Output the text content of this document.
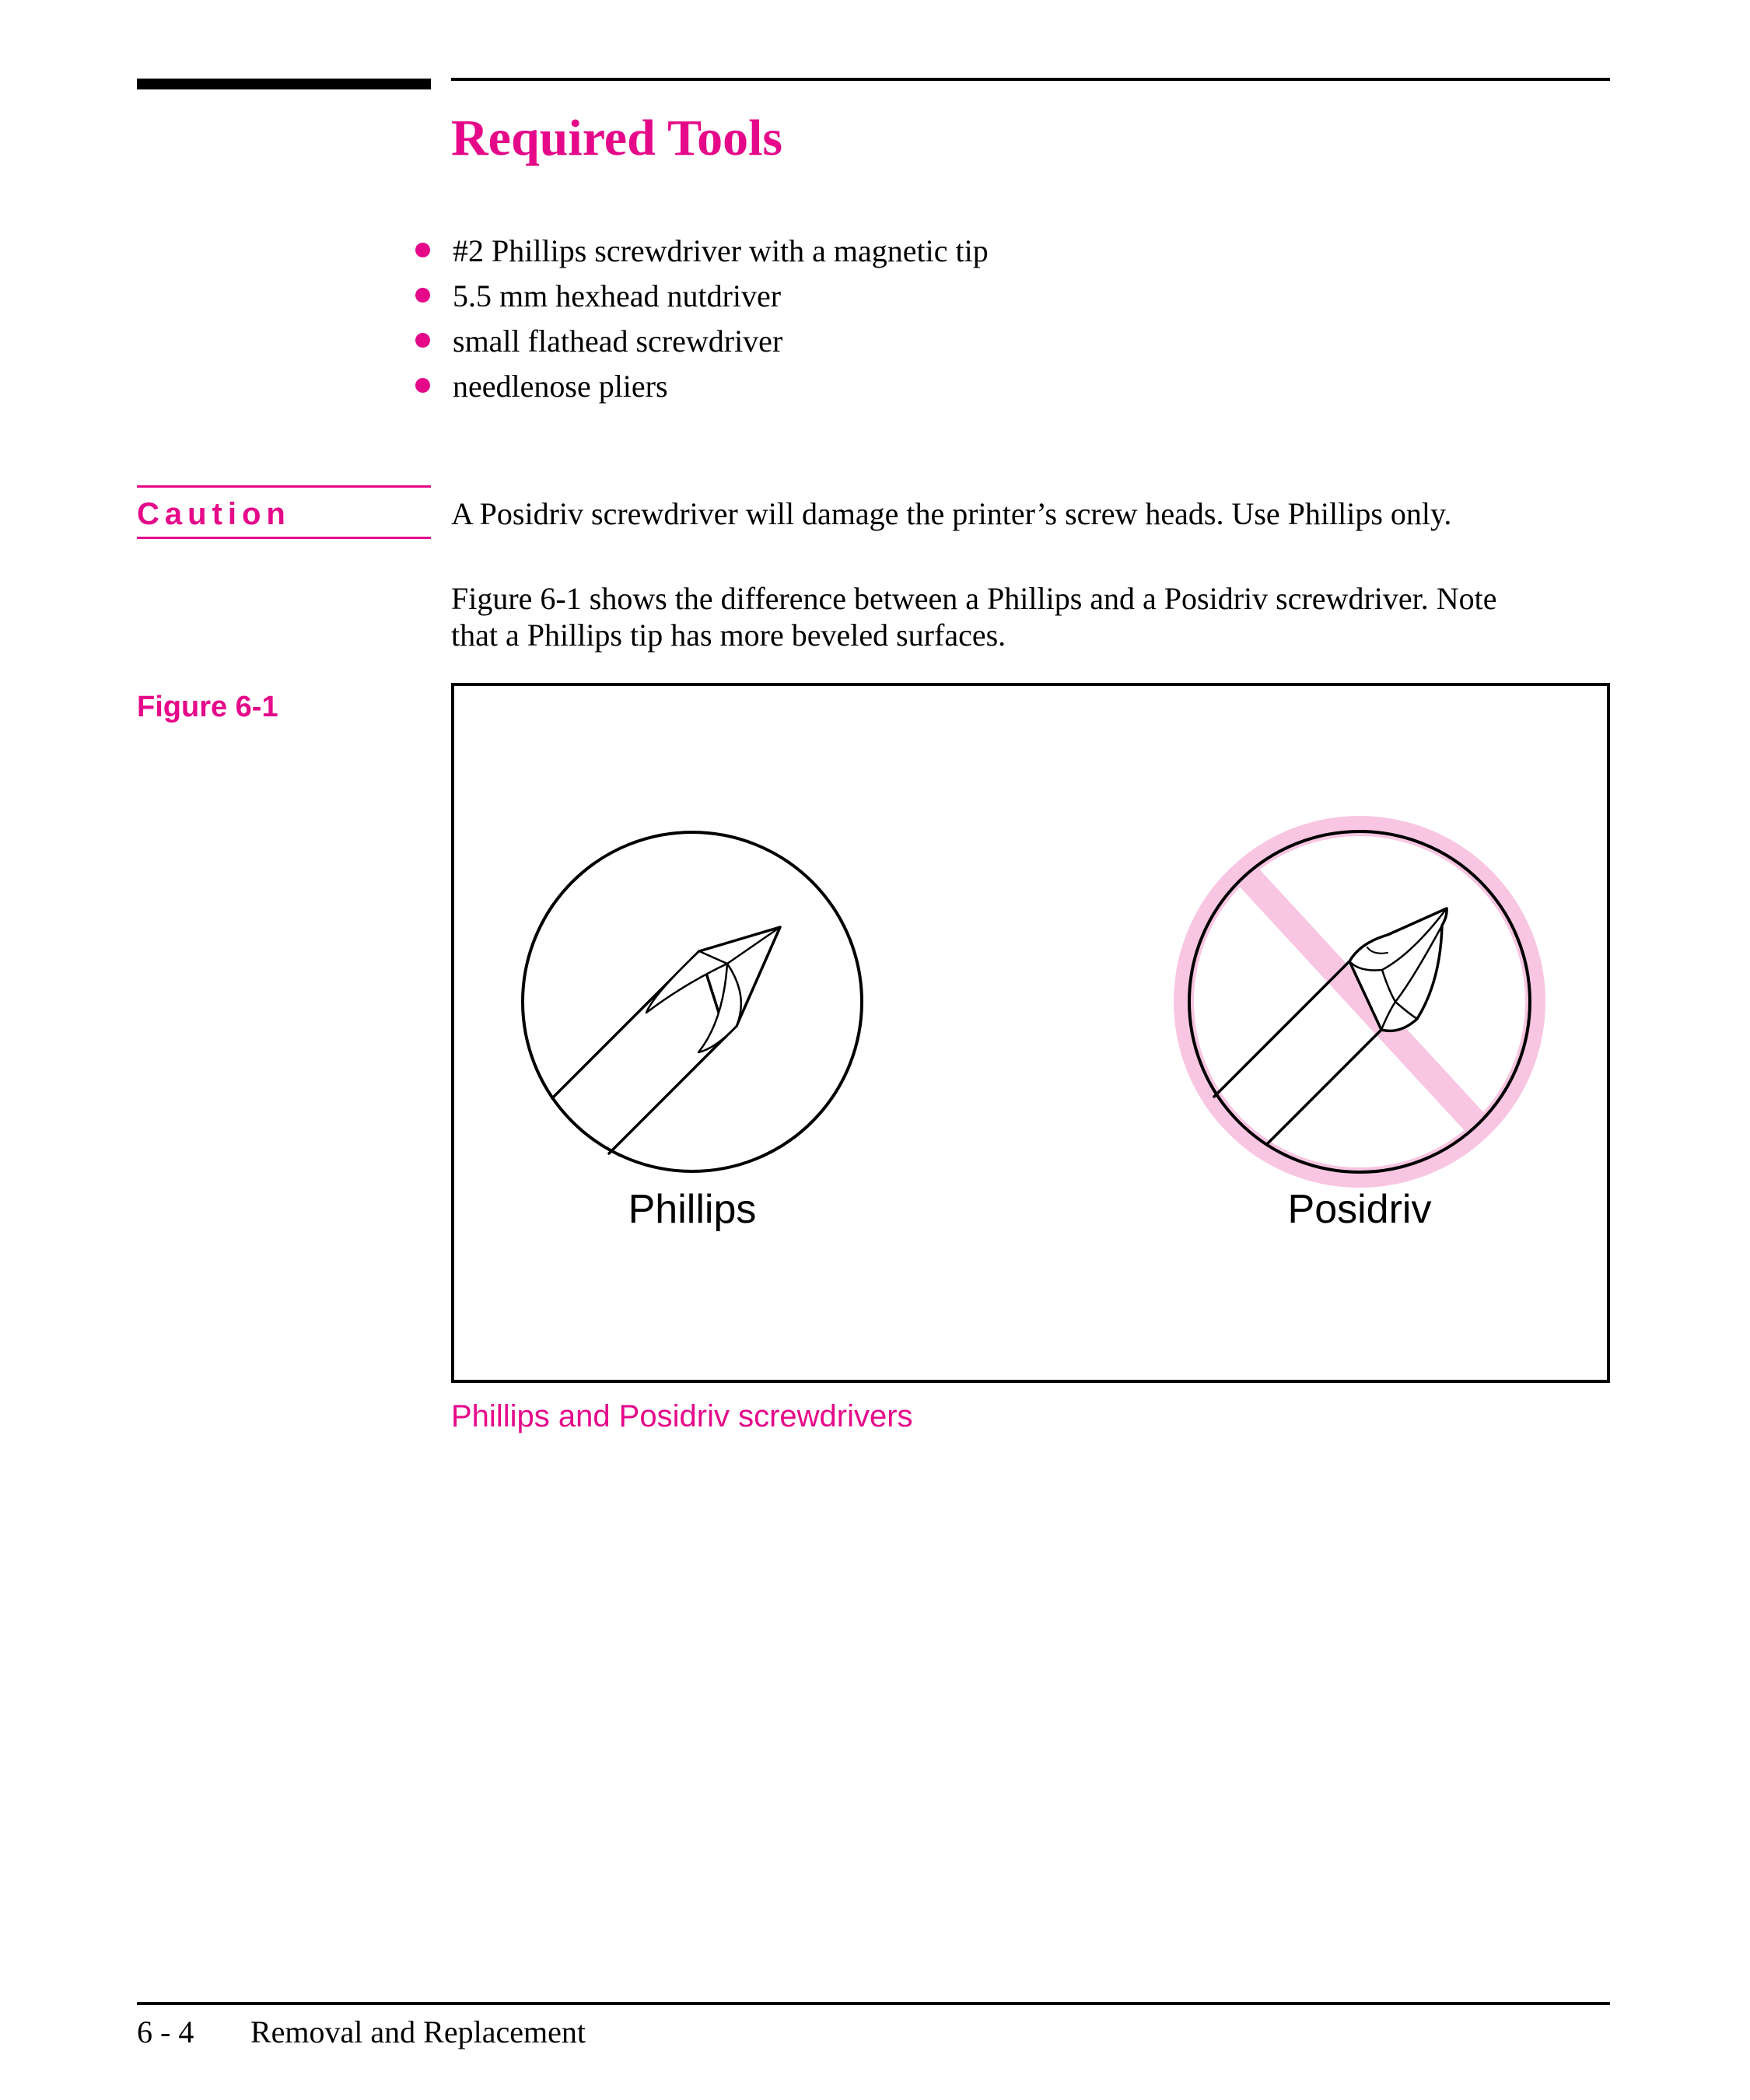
Required Tools
#2 Phillips screwdriver with a magnetic tip
5.5 mm hexhead nutdriver
small flathead screwdriver
needlenose pliers
Caution	A Posidriv screwdriver will damage the printer’s screw heads. Use Phillips only.
Figure 6-1 shows the difference between a Phillips and a Posidriv screwdriver. Note
that a Phillips tip has more beveled surfaces.
Figure 6-1
Phillips	Posidriv
Phillips and Posidriv screwdrivers
6 - 4 Removal and Replacement
